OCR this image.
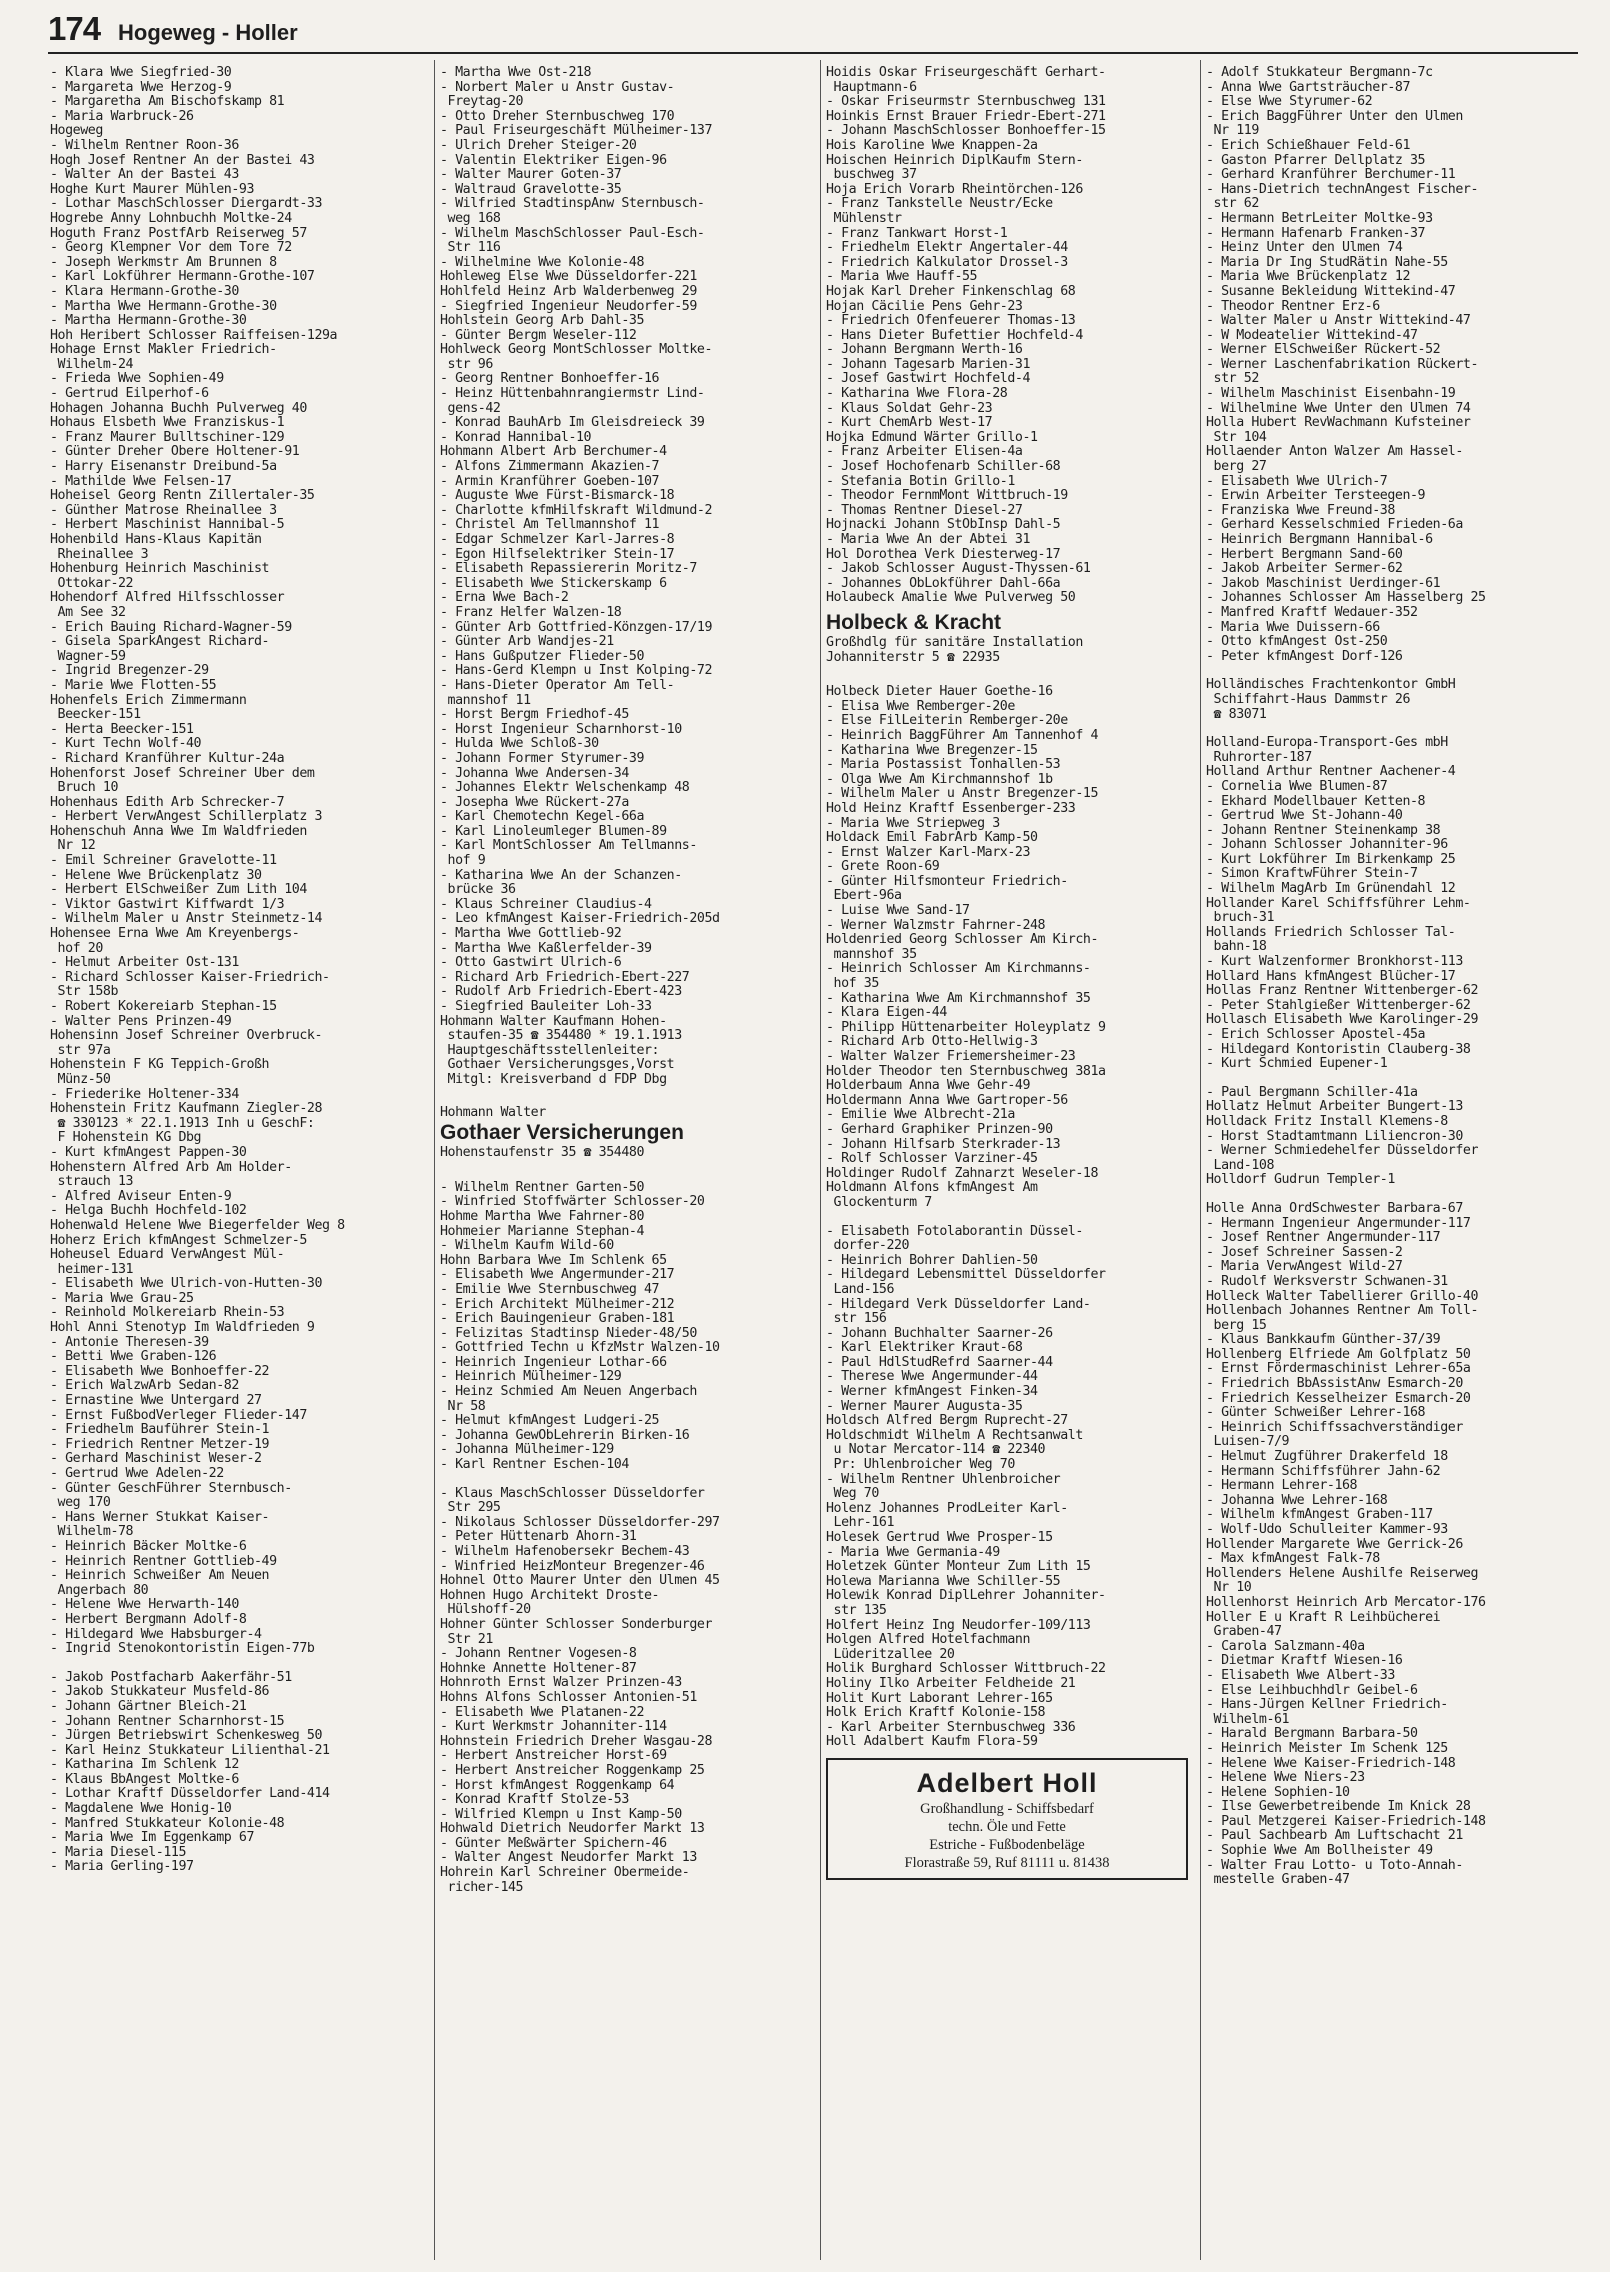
174 Hogeweg - Holler
- Klara Wwe Siegfried-30
- Margareta Wwe Herzog-9
- Margaretha Am Bischofskamp 81
- Maria Warbruck-26
Hogeweg
- Wilhelm Rentner Roon-36
Hogh Josef Rentner An der Bastei 43
- Walter An der Bastei 43
Hoghe Kurt Maurer Mühlen-93
- Lothar MaschSchlosser Diergardt-33
Hogrebe Anny Lohnbuchh Moltke-24
Hoguth Franz PostfArb Reiserweg 57
- Georg Klempner Vor dem Tore 72
- Joseph Werkmstr Am Brunnen 8
- Karl Lokführer Hermann-Grothe-107
- Klara Hermann-Grothe-30
- Martha Wwe Hermann-Grothe-30
- Martha Hermann-Grothe-30
Hoh Heribert Schlosser Raiffeisen-129a
Hohage Ernst Makler Friedrich-
 Wilhelm-24
- Frieda Wwe Sophien-49
- Gertrud Eilperhof-6
Hohagen Johanna Buchh Pulverweg 40
Hohaus Elsbeth Wwe Franziskus-1
- Franz Maurer Bulltschiner-129
- Günter Dreher Obere Holtener-91
- Harry Eisenanstr Dreibund-5a
- Mathilde Wwe Felsen-17
Hoheisel Georg Rentn Zillertaler-35
- Günther Matrose Rheinallee 3
- Herbert Maschinist Hannibal-5
Hohenbild Hans-Klaus Kapitän
 Rheinallee 3
Hohenburg Heinrich Maschinist
 Ottokar-22
Hohendorf Alfred Hilfsschlosser
 Am See 32
- Erich Bauing Richard-Wagner-59
- Gisela SparkAngest Richard-
 Wagner-59
- Ingrid Bregenzer-29
- Marie Wwe Flotten-55
Hohenfels Erich Zimmermann
 Beecker-151
- Herta Beecker-151
- Kurt Techn Wolf-40
- Richard Kranführer Kultur-24a
Hohenforst Josef Schreiner Über dem
 Bruch 10
Hohenhaus Edith Arb Schrecker-7
- Herbert VerwAngest Schillerplatz 3
Hohenschuh Anna Wwe Im Waldfrieden
 Nr 12
- Emil Schreiner Gravelotte-11
- Helene Wwe Brückenplatz 30
- Herbert ElSchweißer Zum Lith 104
- Viktor Gastwirt Kiffwardt 1/3
- Wilhelm Maler u Anstr Steinmetz-14
Hohensee Erna Wwe Am Kreyenbergs-
 hof 20
- Helmut Arbeiter Ost-131
- Richard Schlosser Kaiser-Friedrich-
 Str 158b
- Robert Kokereiarb Stephan-15
- Walter Pens Prinzen-49
Hohensinn Josef Schreiner Overbruck-
 str 97a
Hohenstein F KG Teppich-Großh
 Münz-50
- Friederike Holtener-334
Hohenstein Fritz Kaufmann Ziegler-28
 ☎ 330123 * 22.1.1913 Inh u GeschF:
 F Hohenstein KG Dbg
- Kurt kfmAngest Pappen-30
Hohenstern Alfred Arb Am Holder-
 strauch 13
- Alfred Aviseur Enten-9
- Helga Buchh Hochfeld-102
Hohenwald Helene Wwe Biegerfelder Weg 8
Hoherz Erich kfmAngest Schmelzer-5
Hoheusel Eduard VerwAngest Mül-
 heimer-131
- Elisabeth Wwe Ulrich-von-Hutten-30
- Maria Wwe Grau-25
- Reinhold Molkereiarb Rhein-53
Hohl Anni Stenotyp Im Waldfrieden 9
- Antonie Theresen-39
- Betti Wwe Graben-126
- Elisabeth Wwe Bonhoeffer-22
- Erich WalzwArb Sedan-82
- Ernastine Wwe Untergard 27
- Ernst FußbodVerleger Flieder-147
- Friedhelm Bauführer Stein-1
- Friedrich Rentner Metzer-19
- Gerhard Maschinist Weser-2
- Gertrud Wwe Adelen-22
- Günter GeschFührer Sternbusch-
 weg 170
- Hans Werner Stukkat Kaiser-
 Wilhelm-78
- Heinrich Bäcker Moltke-6
- Heinrich Rentner Gottlieb-49
- Heinrich Schweißer Am Neuen
 Angerbach 80
- Helene Wwe Herwarth-140
- Herbert Bergmann Adolf-8
- Hildegard Wwe Habsburger-4
- Ingrid Stenokontoristin Eigen-77b
- Jakob Postfacharb Aakerfähr-51
- Jakob Stukkateur Musfeld-86
- Johann Gärtner Bleich-21
- Johann Rentner Scharnhorst-15
- Jürgen Betriebswirt Schenkesweg 50
- Karl Heinz Stukkateur Lilienthal-21
- Katharina Im Schlenk 12
- Klaus BbAngest Moltke-6
- Lothar Kraftf Düsseldorfer Land-414
- Magdalene Wwe Honig-10
- Manfred Stukkateur Kolonie-48
- Maria Wwe Im Eggenkamp 67
- Maria Diesel-115
- Maria Gerling-197
- Martha Wwe Ost-218
- Norbert Maler u Anstr Gustav-
 Freytag-20
- Otto Dreher Sternbuschweg 170
- Paul Friseurgeschäft Mülheimer-137
- Ulrich Dreher Steiger-20
- Valentin Elektriker Eigen-96
- Walter Maurer Goten-37
- Waltraud Gravelotte-35
- Wilfried StadtinspAnw Sternbusch-
 weg 168
- Wilhelm MaschSchlosser Paul-Esch-
 Str 116
- Wilhelmine Wwe Kolonie-48
Hohleweg Else Wwe Düsseldorfer-221
Hohlfeld Heinz Arb Walderbenweg 29
- Siegfried Ingenieur Neudorfer-59
Hohlstein Georg Arb Dahl-35
- Günter Bergm Weseler-112
Hohlweck Georg MontSchlosser Moltke-
 str 96
- Georg Rentner Bonhoeffer-16
- Heinz Hüttenbahnrangiermstr Lind-
 gens-42
- Konrad BauhArb Im Gleisdreieck 39
- Konrad Hannibal-10
Hohmann Albert Arb Berchumer-4
- Alfons Zimmermann Akazien-7
- Armin Kranführer Goeben-107
- Auguste Wwe Fürst-Bismarck-18
- Charlotte kfmHilfskraft Wildmund-2
- Christel Am Tellmannshof 11
- Edgar Schmelzer Karl-Jarres-8
- Egon Hilfselektriker Stein-17
- Elisabeth Repassiererin Moritz-7
- Elisabeth Wwe Stickerskamp 6
- Erna Wwe Bach-2
- Franz Helfer Walzen-18
- Günter Arb Gottfried-Könzgen-17/19
- Günter Arb Wandjes-21
- Hans Gußputzer Flieder-50
- Hans-Gerd Klempn u Inst Kolping-72
- Hans-Dieter Operator Am Tell-
 mannshof 11
- Horst Bergm Friedhof-45
- Horst Ingenieur Scharnhorst-10
- Hulda Wwe Schloß-30
- Johann Former Styrumer-39
- Johanna Wwe Andersen-34
- Johannes Elektr Welschenkamp 48
- Josepha Wwe Rückert-27a
- Karl Chemotechn Kegel-66a
- Karl Linoleumleger Blumen-89
- Karl MontSchlosser Am Tellmanns-
 hof 9
- Katharina Wwe An der Schanzen-
 brücke 36
- Klaus Schreiner Claudius-4
- Leo kfmAngest Kaiser-Friedrich-205d
- Martha Wwe Gottlieb-92
- Martha Wwe Kaßlerfelder-39
- Otto Gastwirt Ulrich-6
- Richard Arb Friedrich-Ebert-227
- Rudolf Arb Friedrich-Ebert-423
- Siegfried Bauleiter Loh-33
Hohmann Walter Kaufmann Hohen-
 staufen-35 ☎ 354480 * 19.1.1913
 Hauptgeschäftsstellenleiter:
 Gothaer Versicherungsges,Vorst
 Mitgl: Kreisverband d FDP Dbg
Hohmann Walter
Gothaer Versicherungen
Hohenstaufenstr 35 ☎ 354480
- Wilhelm Rentner Garten-50
- Winfried Stoffwärter Schlosser-20
Hohme Martha Wwe Fahrner-80
Hohmeier Marianne Stephan-4
- Wilhelm Kaufm Wild-60
Hohn Barbara Wwe Im Schlenk 65
- Elisabeth Wwe Angermunder-217
- Emilie Wwe Sternbuschweg 47
- Erich Architekt Mülheimer-212
- Erich Bauingenieur Graben-181
- Felizitas Stadtinsp Nieder-48/50
- Gottfried Techn u KfzMstr Walzen-10
- Heinrich Ingenieur Lothar-66
- Heinrich Mülheimer-129
- Heinz Schmied Am Neuen Angerbach
 Nr 58
- Helmut kfmAngest Ludgeri-25
- Johanna GewObLehrerin Birken-16
- Johanna Mülheimer-129
- Karl Rentner Eschen-104
- Klaus MaschSchlosser Düsseldorfer
 Str 295
- Nikolaus Schlosser Düsseldorfer-297
- Peter Hüttenarb Ahorn-31
- Wilhelm Hafenobersekr Bechem-43
- Winfried HeizMonteur Bregenzer-46
Hohnel Otto Maurer Unter den Ulmen 45
Hohnen Hugo Architekt Droste-
 Hülshoff-20
Hohner Günter Schlosser Sonderburger
 Str 21
- Johann Rentner Vogesen-8
Hohnke Annette Holtener-87
Hohnroth Ernst Walzer Prinzen-43
Hohns Alfons Schlosser Antonien-51
- Elisabeth Wwe Platanen-22
- Kurt Werkmstr Johanniter-114
Hohnstein Friedrich Dreher Wasgau-28
- Herbert Anstreicher Horst-69
- Herbert Anstreicher Roggenkamp 25
- Horst kfmAngest Roggenkamp 64
- Konrad Kraftf Stolze-53
- Wilfried Klempn u Inst Kamp-50
Hohwald Dietrich Neudorfer Markt 13
- Günter Meßwärter Spichern-46
- Walter Angest Neudorfer Markt 13
Hohrein Karl Schreiner Obermeide-
 richer-145
Hoidis Oskar Friseurgeschäft Gerhart-
 Hauptmann-6
- Oskar Friseurmstr Sternbuschweg 131
Hoinkis Ernst Brauer Friedr-Ebert-271
- Johann MaschSchlosser Bonhoeffer-15
Hois Karoline Wwe Knappen-2a
Hoischen Heinrich DiplKaufm Stern-
 buschweg 37
Hoja Erich Vorarb Rheintörchen-126
- Franz Tankstelle Neustr/Ecke
 Mühlenstr
- Franz Tankwart Horst-1
- Friedhelm Elektr Angertaler-44
- Friedrich Kalkulator Drossel-3
- Maria Wwe Hauff-55
Hojak Karl Dreher Finkenschlag 68
Hojan Cäcilie Pens Gehr-23
- Friedrich Ofenfeuerer Thomas-13
- Hans Dieter Bufettier Hochfeld-4
- Johann Bergmann Werth-16
- Johann Tagesarb Marien-31
- Josef Gastwirt Hochfeld-4
- Katharina Wwe Flora-28
- Klaus Soldat Gehr-23
- Kurt ChemArb West-17
Hojka Edmund Wärter Grillo-1
- Franz Arbeiter Elisen-4a
- Josef Hochofenarb Schiller-68
- Stefania Botin Grillo-1
- Theodor FernmMont Wittbruch-19
- Thomas Rentner Diesel-27
Hojnacki Johann StObInsp Dahl-5
- Maria Wwe An der Abtei 31
Hol Dorothea Verk Diesterweg-17
- Jakob Schlosser August-Thyssen-61
- Johannes ObLokführer Dahl-66a
Holaubeck Amalie Wwe Pulverweg 50
Holbeck & Kracht
Großhdlg für sanitäre Installation
Johanniterstr 5 ☎ 22935
Holbeck Dieter Hauer Goethe-16
- Elisa Wwe Remberger-20e
- Else FilLeiterin Remberger-20e
- Heinrich BaggFührer Am Tannenhof 4
- Katharina Wwe Bregenzer-15
- Maria Postassist Tonhallen-53
- Olga Wwe Am Kirchmannshof 1b
- Wilhelm Maler u Anstr Bregenzer-15
Hold Heinz Kraftf Essenberger-233
- Maria Wwe Striepweg 3
Holdack Emil FabrArb Kamp-50
- Ernst Walzer Karl-Marx-23
- Grete Roon-69
- Günter Hilfsmonteur Friedrich-
 Ebert-96a
- Luise Wwe Sand-17
- Werner Walzmstr Fahrner-248
Holdenried Georg Schlosser Am Kirch-
 mannshof 35
- Heinrich Schlosser Am Kirchmanns-
 hof 35
- Katharina Wwe Am Kirchmannshof 35
- Klara Eigen-44
- Philipp Hüttenarbeiter Holeyplatz 9
- Richard Arb Otto-Hellwig-3
- Walter Walzer Friemersheimer-23
Holder Theodor ten Sternbuschweg 381a
Holderbaum Anna Wwe Gehr-49
Holdermann Anna Wwe Gartroper-56
- Emilie Wwe Albrecht-21a
- Gerhard Graphiker Prinzen-90
- Johann Hilfsarb Sterkrader-13
- Rolf Schlosser Varziner-45
Holdinger Rudolf Zahnarzt Weseler-18
Holdmann Alfons kfmAngest Am
 Glockenturm 7
- Elisabeth Fotolaborantin Düssel-
 dorfer-220
- Heinrich Bohrer Dahlien-50
- Hildegard Lebensmittel Düsseldorfer
 Land-156
- Hildegard Verk Düsseldorfer Land-
 str 156
- Johann Buchhalter Saarner-26
- Karl Elektriker Kraut-68
- Paul HdlStudRefrd Saarner-44
- Therese Wwe Angermunder-44
- Werner kfmAngest Finken-34
- Werner Maurer Augusta-35
Holdsch Alfred Bergm Ruprecht-27
Holdschmidt Wilhelm A Rechtsanwalt
 u Notar Mercator-114 ☎ 22340
 Pr: Uhlenbroicher Weg 70
- Wilhelm Rentner Uhlenbroicher
 Weg 70
Holenz Johannes ProdLeiter Karl-
 Lehr-161
Holesek Gertrud Wwe Prosper-15
- Maria Wwe Germania-49
Holetzek Günter Monteur Zum Lith 15
Holewa Marianna Wwe Schiller-55
Holewik Konrad DiplLehrer Johanniter-
 str 135
Holfert Heinz Ing Neudorfer-109/113
Holgen Alfred Hotelfachmann
 Lüderitzallee 20
Holik Burghard Schlosser Wittbruch-22
Holiny Ilko Arbeiter Feldheide 21
Holit Kurt Laborant Lehrer-165
Holk Erich Kraftf Kolonie-158
- Karl Arbeiter Sternbuschweg 336
Holl Adalbert Kaufm Flora-59
Adelbert Holl
Großhandlung - Schiffsbedarf
techn. Öle und Fette
Estriche - Fußbodenbeläge
Florastraße 59, Ruf 81111 u. 81438
- Adolf Stukkateur Bergmann-7c
- Anna Wwe Gartsträucher-87
- Else Wwe Styrumer-62
- Erich BaggFührer Unter den Ulmen
 Nr 119
- Erich Schießhauer Feld-61
- Gaston Pfarrer Dellplatz 35
- Gerhard Kranführer Berchumer-11
- Hans-Dietrich technAngest Fischer-
 str 62
- Hermann BetrLeiter Moltke-93
- Hermann Hafenarb Franken-37
- Heinz Unter den Ulmen 74
- Maria Dr Ing StudRätin Nahe-55
- Maria Wwe Brückenplatz 12
- Susanne Bekleidung Wittekind-47
- Theodor Rentner Erz-6
- Walter Maler u Anstr Wittekind-47
- W Modeatelier Wittekind-47
- Werner ElSchweißer Rückert-52
- Werner Laschenfabrikation Rückert-
 str 52
- Wilhelm Maschinist Eisenbahn-19
- Wilhelmine Wwe Unter den Ulmen 74
Holla Hubert RevWachmann Kufsteiner
 Str 104
Hollaender Anton Walzer Am Hassel-
 berg 27
- Elisabeth Wwe Ulrich-7
- Erwin Arbeiter Tersteegen-9
- Franziska Wwe Freund-38
- Gerhard Kesselschmied Frieden-6a
- Heinrich Bergmann Hannibal-6
- Herbert Bergmann Sand-60
- Jakob Arbeiter Sermer-62
- Jakob Maschinist Uerdinger-61
- Johannes Schlosser Am Hasselberg 25
- Manfred Kraftf Wedauer-352
- Maria Wwe Duissern-66
- Otto kfmAngest Ost-250
- Peter kfmAngest Dorf-126
Holländisches Frachtenkontor GmbH
 Schiffahrt-Haus Dammstr 26
 ☎ 83071
Holland-Europa-Transport-Ges mbH
 Ruhrorter-187
Holland Arthur Rentner Aachener-4
- Cornelia Wwe Blumen-87
- Ekhard Modellbauer Ketten-8
- Gertrud Wwe St-Johann-40
- Johann Rentner Steinenkamp 38
- Johann Schlosser Johanniter-96
- Kurt Lokführer Im Birkenkamp 25
- Simon KraftwFührer Stein-7
- Wilhelm MagArb Im Grünendahl 12
Hollander Karel Schiffsführer Lehm-
 bruch-31
Hollands Friedrich Schlosser Tal-
 bahn-18
- Kurt Walzenformer Bronkhorst-113
Hollard Hans kfmAngest Blücher-17
Hollas Franz Rentner Wittenberger-62
- Peter Stahlgießer Wittenberger-62
Hollasch Elisabeth Wwe Karolinger-29
- Erich Schlosser Apostel-45a
- Hildegard Kontoristin Clauberg-38
- Kurt Schmied Eupener-1
- Paul Bergmann Schiller-41a
Hollatz Helmut Arbeiter Bungert-13
Holldack Fritz Install Klemens-8
- Horst Stadtamtmann Liliencron-30
- Werner Schmiedehelfer Düsseldorfer
 Land-108
Holldorf Gudrun Templer-1
Holle Anna OrdSchwester Barbara-67
- Hermann Ingenieur Angermunder-117
- Josef Rentner Angermunder-117
- Josef Schreiner Sassen-2
- Maria VerwAngest Wild-27
- Rudolf Werksverstr Schwanen-31
Holleck Walter Tabellierer Grillo-40
Hollenbach Johannes Rentner Am Toll-
 berg 15
- Klaus Bankkaufm Günther-37/39
Hollenberg Elfriede Am Golfplatz 50
- Ernst Fördermaschinist Lehrer-65a
- Friedrich BbAssistAnw Esmarch-20
- Friedrich Kesselheizer Esmarch-20
- Günter Schweißer Lehrer-168
- Heinrich Schiffssachverständiger
 Luisen-7/9
- Helmut Zugführer Drakerfeld 18
- Hermann Schiffsführer Jahn-62
- Hermann Lehrer-168
- Johanna Wwe Lehrer-168
- Wilhelm kfmAngest Graben-117
- Wolf-Udo Schulleiter Kammer-93
Hollender Margarete Wwe Gerrick-26
- Max kfmAngest Falk-78
Hollenders Helene Aushilfe Reiserweg
 Nr 10
Hollenhorst Heinrich Arb Mercator-176
Holler E u Kraft R Leihbücherei
 Graben-47
- Carola Salzmann-40a
- Dietmar Kraftf Wiesen-16
- Elisabeth Wwe Albert-33
- Else Leihbuchhdlr Geibel-6
- Hans-Jürgen Kellner Friedrich-
 Wilhelm-61
- Harald Bergmann Barbara-50
- Heinrich Meister Im Schenk 125
- Helene Wwe Kaiser-Friedrich-148
- Helene Wwe Niers-23
- Helene Sophien-10
- Ilse Gewerbetreibende Im Knick 28
- Paul Metzgerei Kaiser-Friedrich-148
- Paul Sachbearb Am Luftschacht 21
- Sophie Wwe Am Bollheister 49
- Walter Frau Lotto- u Toto-Annah-
 mestelle Graben-47
